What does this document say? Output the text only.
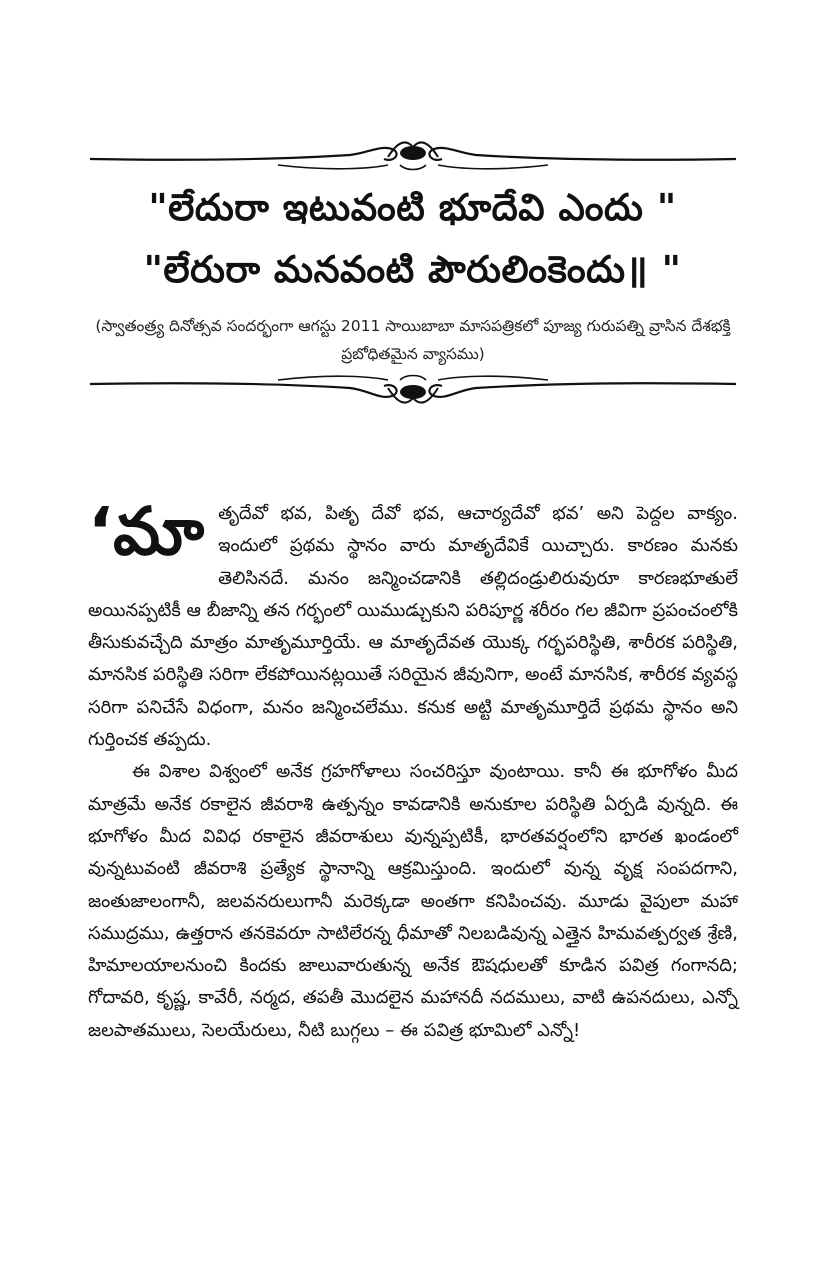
"లేదురా ఇటువంటి భూదేవి ఎందు "
"లేరురా మనవంటి పౌరులింకెందు॥ "
(స్వాతంత్ర్య దినోత్సవ సందర్భంగా ఆగస్టు 2011 సాయిబాబా మాసపత్రికలో పూజ్య గురుపత్ని వ్రాసిన దేశభక్తి ప్రబోధితమైన వ్యాసము)

‘మా తృదేవో భవ, పితృ దేవో భవ, ఆచార్యదేవో భవ’ అని పెద్దల వాక్యం. ఇందులో ప్రథమ స్థానం వారు మాతృదేవికే యిచ్చారు. కారణం మనకు తెలిసినదే. మనం జన్మించడానికి తల్లిదండ్రులిరువురూ కారణభూతులే అయినప్పటికీ ఆ బీజాన్ని తన గర్భంలో యిముడ్చుకుని పరిపూర్ణ శరీరం గల జీవిగా ప్రపంచంలోకి తీసుకువచ్చేది మాత్రం మాతృమూర్తియే. ఆ మాతృదేవత యొక్క గర్భపరిస్థితి, శారీరక పరిస్థితి, మానసిక పరిస్థితి సరిగా లేకపోయినట్లయితే సరియైన జీవునిగా, అంటే మానసిక, శారీరక వ్యవస్థ సరిగా పనిచేసే విధంగా, మనం జన్మించలేము. కనుక అట్టి మాతృమూర్తిదే ప్రథమ స్థానం అని గుర్తించక తప్పదు.

ఈ విశాల విశ్వంలో అనేక గ్రహగోళాలు సంచరిస్తూ వుంటాయి. కానీ ఈ భూగోళం మీద మాత్రమే అనేక రకాలైన జీవరాశి ఉత్పన్నం కావడానికి అనుకూల పరిస్థితి ఏర్పడి వున్నది. ఈ భూగోళం మీద వివిధ రకాలైన జీవరాశులు వున్నప్పటికీ, భారతవర్షంలోని భారత ఖండంలో వున్నటువంటి జీవరాశి ప్రత్యేక స్థానాన్ని ఆక్రమిస్తుంది. ఇందులో వున్న వృక్ష సంపదగాని, జంతుజాలంగానీ, జలవనరులుగానీ మరెక్కడా అంతగా కనిపించవు. మూడు వైపులా మహా సముద్రము, ఉత్తరాన తనకెవరూ సాటిలేరన్న ధీమాతో నిలబడివున్న ఎత్తైన హిమవత్పర్వత శ్రేణి, హిమాలయాలనుంచి కిందకు జాలువారుతున్న అనేక ఔషధులతో కూడిన పవిత్ర గంగానది; గోదావరి, కృష్ణ, కావేరీ, నర్మద, తపతీ మొదలైన మహానదీ నదములు, వాటి ఉపనదులు, ఎన్నో జలపాతములు, సెలయేరులు, నీటి బుగ్గలు – ఈ పవిత్ర భూమిలో ఎన్నో!
